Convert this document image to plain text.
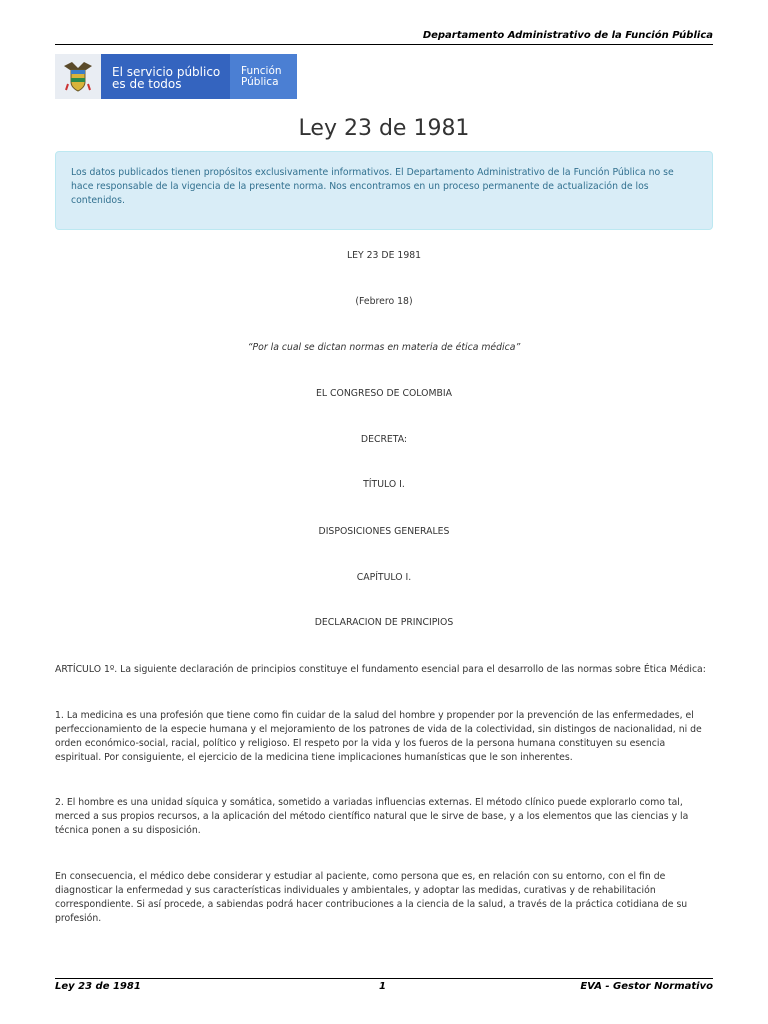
Departamento Administrativo de la Función Pública
El servicio público
es de todos
Función
Pública
Ley 23 de 1981
Los datos publicados tienen propósitos exclusivamente informativos. El Departamento Administrativo de la Función Pública no se hace responsable de la vigencia de la presente norma. Nos encontramos en un proceso permanente de actualización de los contenidos.
LEY 23 DE 1981
(Febrero 18)
“Por la cual se dictan normas en materia de ética médica”
EL CONGRESO DE COLOMBIA
DECRETA:
TÍTULO I.
DISPOSICIONES GENERALES
CAPÍTULO I.
DECLARACION DE PRINCIPIOS
ARTÍCULO 1º. La siguiente declaración de principios constituye el fundamento esencial para el desarrollo de las normas sobre Ética Médica:
1. La medicina es una profesión que tiene como fin cuidar de la salud del hombre y propender por la prevención de las enfermedades, el perfeccionamiento de la especie humana y el mejoramiento de los patrones de vida de la colectividad, sin distingos de nacionalidad, ni de orden económico-social, racial, político y religioso. El respeto por la vida y los fueros de la persona humana constituyen su esencia espiritual. Por consiguiente, el ejercicio de la medicina tiene implicaciones humanísticas que le son inherentes.
2. El hombre es una unidad síquica y somática, sometido a variadas influencias externas. El método clínico puede explorarlo como tal, merced a sus propios recursos, a la aplicación del método científico natural que le sirve de base, y a los elementos que las ciencias y la técnica ponen a su disposición.
En consecuencia, el médico debe considerar y estudiar al paciente, como persona que es, en relación con su entorno, con el fin de diagnosticar la enfermedad y sus características individuales y ambientales, y adoptar las medidas, curativas y de rehabilitación correspondiente. Si así procede, a sabiendas podrá hacer contribuciones a la ciencia de la salud, a través de la práctica cotidiana de su profesión.
Ley 23 de 1981	1	EVA - Gestor Normativo
